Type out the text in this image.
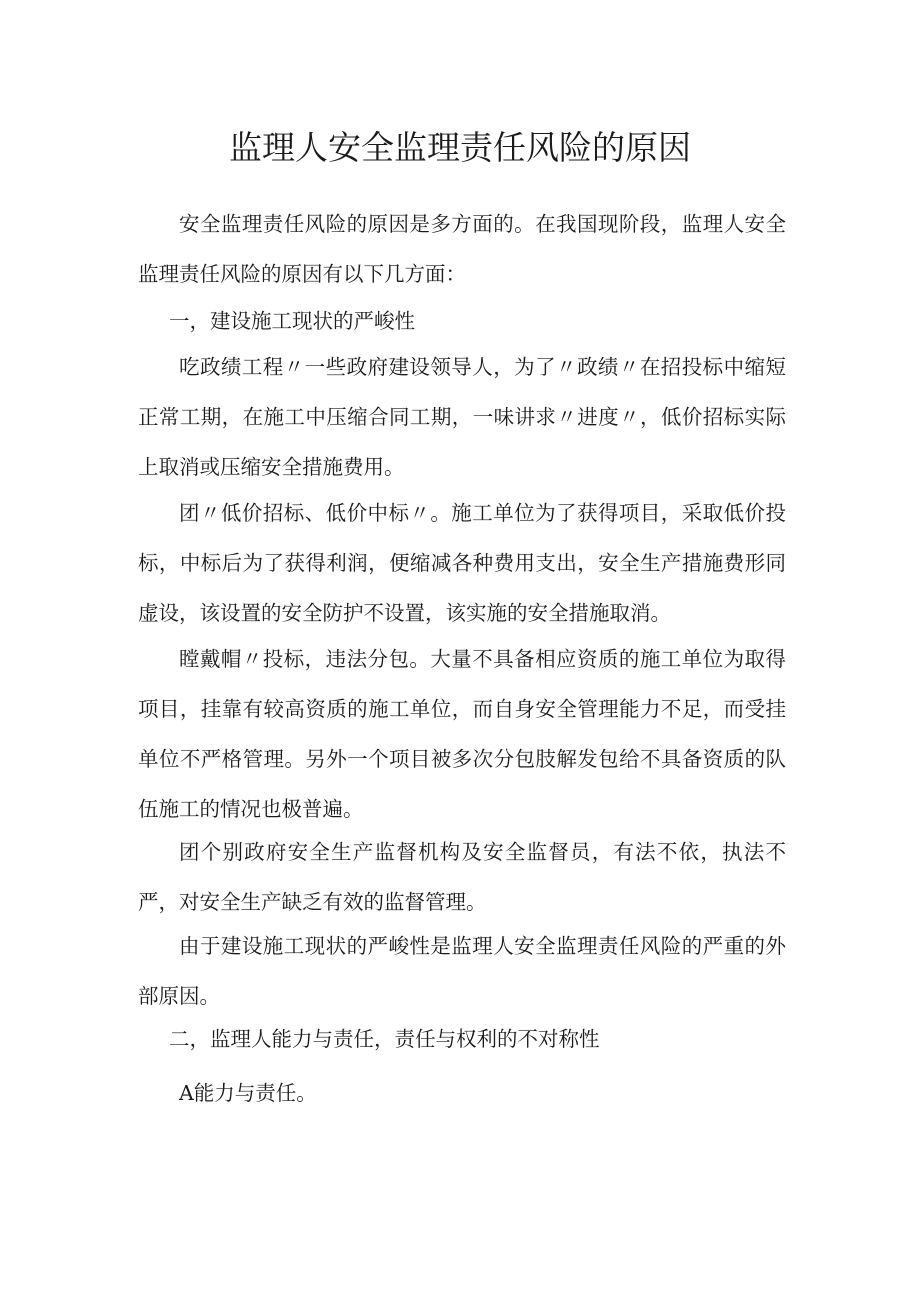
监理人安全监理责任风险的原因

安全监理责任风险的原因是多方面的。在我国现阶段，监理人安全监理责任风险的原因有以下几方面：

一，建设施工现状的严峻性

吃政绩工程〃一些政府建设领导人，为了〃政绩〃在招投标中缩短正常工期，在施工中压缩合同工期，一味讲求〃进度〃，低价招标实际上取消或压缩安全措施费用。

团〃低价招标、低价中标〃。施工单位为了获得项目，采取低价投标，中标后为了获得利润，便缩减各种费用支出，安全生产措施费形同虚设，该设置的安全防护不设置，该实施的安全措施取消。

瞠戴帽〃投标，违法分包。大量不具备相应资质的施工单位为取得项目，挂靠有较高资质的施工单位，而自身安全管理能力不足，而受挂单位不严格管理。另外一个项目被多次分包肢解发包给不具备资质的队伍施工的情况也极普遍。

团个别政府安全生产监督机构及安全监督员，有法不依，执法不严，对安全生产缺乏有效的监督管理。

由于建设施工现状的严峻性是监理人安全监理责任风险的严重的外部原因。

二，监理人能力与责任，责任与权利的不对称性

A能力与责任。
